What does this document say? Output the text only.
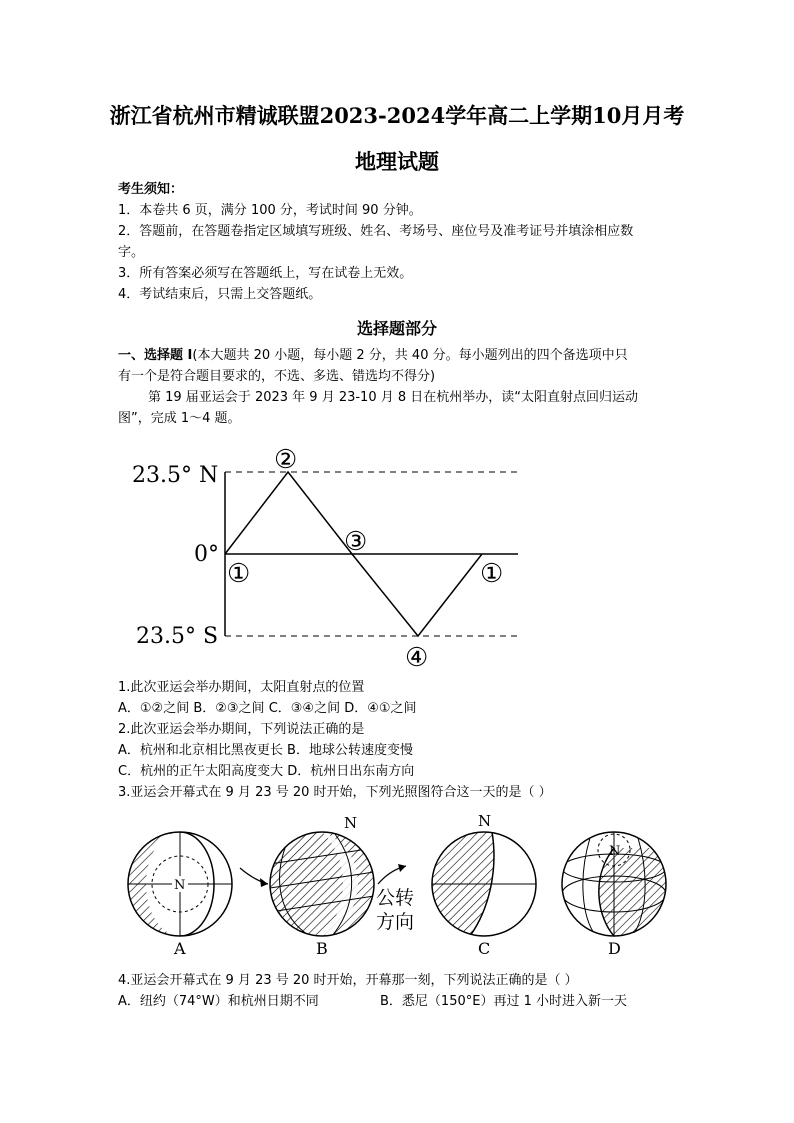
浙江省杭州市精诚联盟2023-2024学年高二上学期10月月考
地理试题
考生须知：
1．本卷共 6 页，满分 100 分，考试时间 90 分钟。
2．答题前，在答题卷指定区域填写班级、姓名、考场号、座位号及准考证号并填涂相应数
字。
3．所有答案必须写在答题纸上，写在试卷上无效。
4．考试结束后，只需上交答题纸。
选择题部分
一、选择题 I(本大题共 20 小题，每小题 2 分，共 40 分。每小题列出的四个备选项中只
有一个是符合题目要求的，不选、多选、错选均不得分)
第 19 届亚运会于 2023 年 9 月 23-10 月 8 日在杭州举办，读“太阳直射点回归运动
图”，完成 1～4 题。
23.5° N
0°
23.5° S
①
②
③
①
④
1.此次亚运会举办期间，太阳直射点的位置
A．①②之间 B．②③之间 C．③④之间 D．④①之间
2.此次亚运会举办期间，下列说法正确的是
A．杭州和北京相比黑夜更长 B．地球公转速度变慢
C．杭州的正午太阳高度变大 D．杭州日出东南方向
3.亚运会开幕式在 9 月 23 号 20 时开始，下列光照图符合这一天的是（ ）
N
A
N
B
公转
方向
N
C
N
D
4.亚运会开幕式在 9 月 23 号 20 时开始，开幕那一刻，下列说法正确的是（ ）
A．纽约（74°W）和杭州日期不同	B．悉尼（150°E）再过 1 小时进入新一天
